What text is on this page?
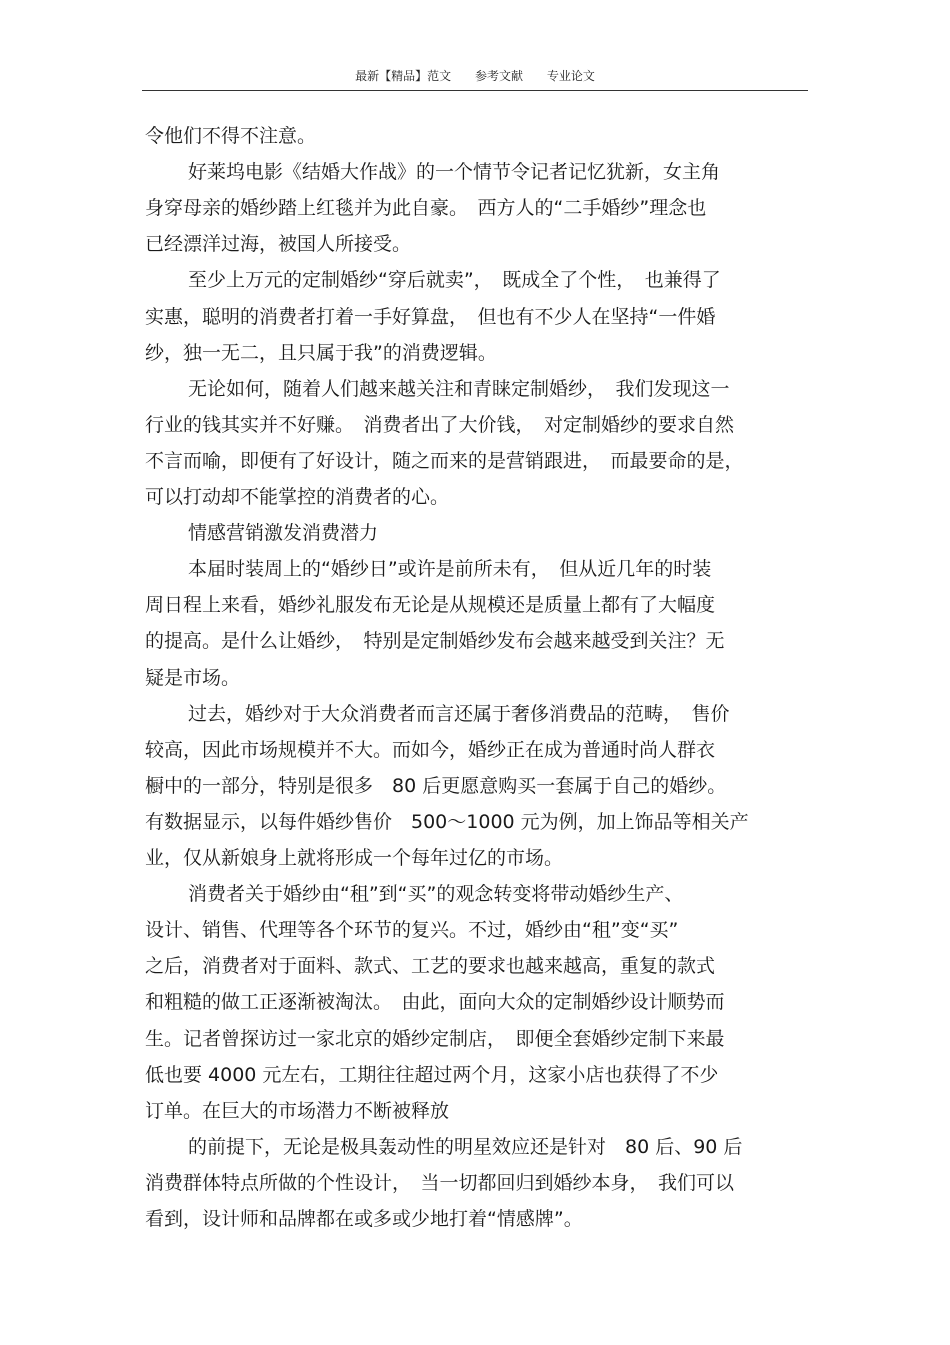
最新【精品】范文 参考文献 专业论文
令他们不得不注意。
好莱坞电影《结婚大作战》的一个情节令记者记忆犹新，女主角
身穿母亲的婚纱踏上红毯并为此自豪。　西方人的“二手婚纱”理念也
已经漂洋过海，被国人所接受。
至少上万元的定制婚纱“穿后就卖”，　既成全了个性，　也兼得了
实惠，聪明的消费者打着一手好算盘，　但也有不少人在坚持“一件婚
纱，独一无二，且只属于我”的消费逻辑。
无论如何，随着人们越来越关注和青睐定制婚纱，　我们发现这一
行业的钱其实并不好赚。　消费者出了大价钱，　对定制婚纱的要求自然
不言而喻，即便有了好设计，随之而来的是营销跟进，　而最要命的是，
可以打动却不能掌控的消费者的心。
情感营销激发消费潜力
本届时装周上的“婚纱日”或许是前所未有，　但从近几年的时装
周日程上来看，婚纱礼服发布无论是从规模还是质量上都有了大幅度
的提高。是什么让婚纱，　特别是定制婚纱发布会越来越受到关注？无
疑是市场。
过去，婚纱对于大众消费者而言还属于奢侈消费品的范畴，　售价
较高，因此市场规模并不大。而如今，婚纱正在成为普通时尚人群衣
橱中的一部分，特别是很多　80 后更愿意购买一套属于自己的婚纱。
有数据显示，以每件婚纱售价　500～1000 元为例，加上饰品等相关产
业，仅从新娘身上就将形成一个每年过亿的市场。
消费者关于婚纱由“租”到“买”的观念转变将带动婚纱生产、
设计、销售、代理等各个环节的复兴。不过，婚纱由“租”变“买”
之后，消费者对于面料、款式、工艺的要求也越来越高，重复的款式
和粗糙的做工正逐渐被淘汰。　由此，面向大众的定制婚纱设计顺势而
生。记者曾探访过一家北京的婚纱定制店，　即便全套婚纱定制下来最
低也要 4000 元左右，工期往往超过两个月，这家小店也获得了不少
订单。在巨大的市场潜力不断被释放
的前提下，无论是极具轰动性的明星效应还是针对　80 后、90 后
消费群体特点所做的个性设计，　当一切都回归到婚纱本身，　我们可以
看到，设计师和品牌都在或多或少地打着“情感牌”。
